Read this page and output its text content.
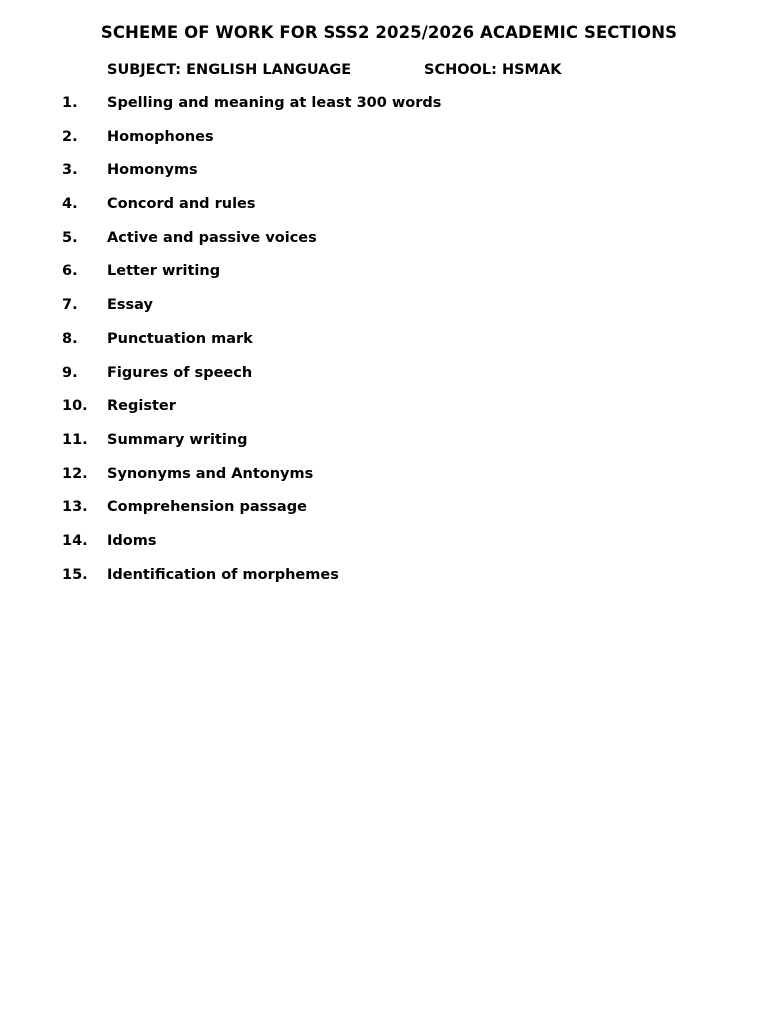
SCHEME OF WORK FOR SSS2 2025/2026 ACADEMIC SECTIONS
SUBJECT: ENGLISH LANGUAGE	SCHOOL: HSMAK
1. Spelling and meaning at least 300 words
2. Homophones
3. Homonyms
4. Concord and rules
5. Active and passive voices
6. Letter writing
7. Essay
8. Punctuation mark
9. Figures of speech
10. Register
11. Summary writing
12. Synonyms and Antonyms
13. Comprehension passage
14. Idoms
15. Identification of morphemes
